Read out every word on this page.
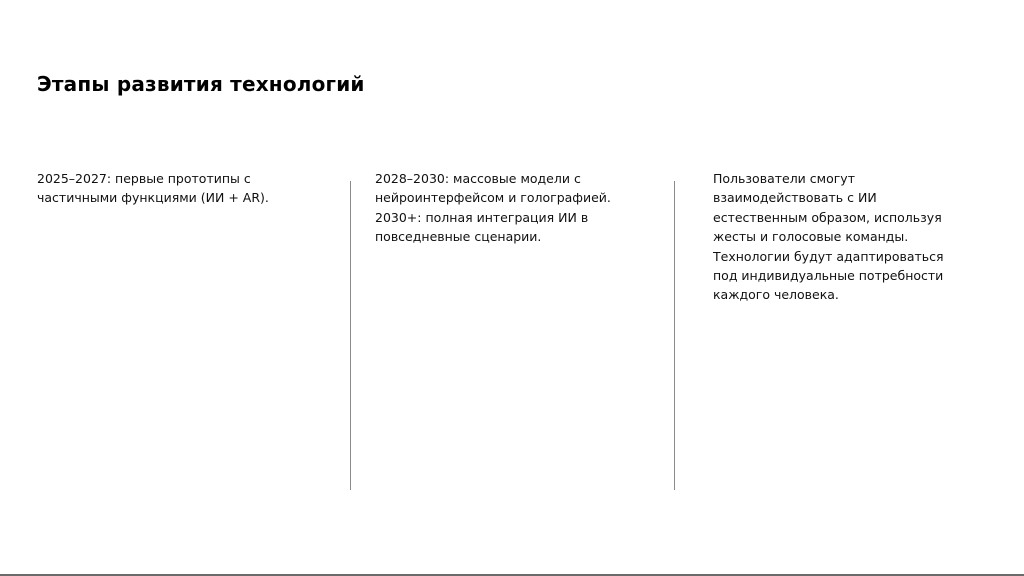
Этапы развития технологий

2025–2027: первые прототипы с

частичными функциями (ИИ + AR).

2028–2030: массовые модели с

нейроинтерфейсом и голографией.

2030+: полная интеграция ИИ в

повседневные сценарии.

Пользователи смогут

взаимодействовать с ИИ

естественным образом, используя

жесты и голосовые команды.

Технологии будут адаптироваться

под индивидуальные потребности

каждого человека.
